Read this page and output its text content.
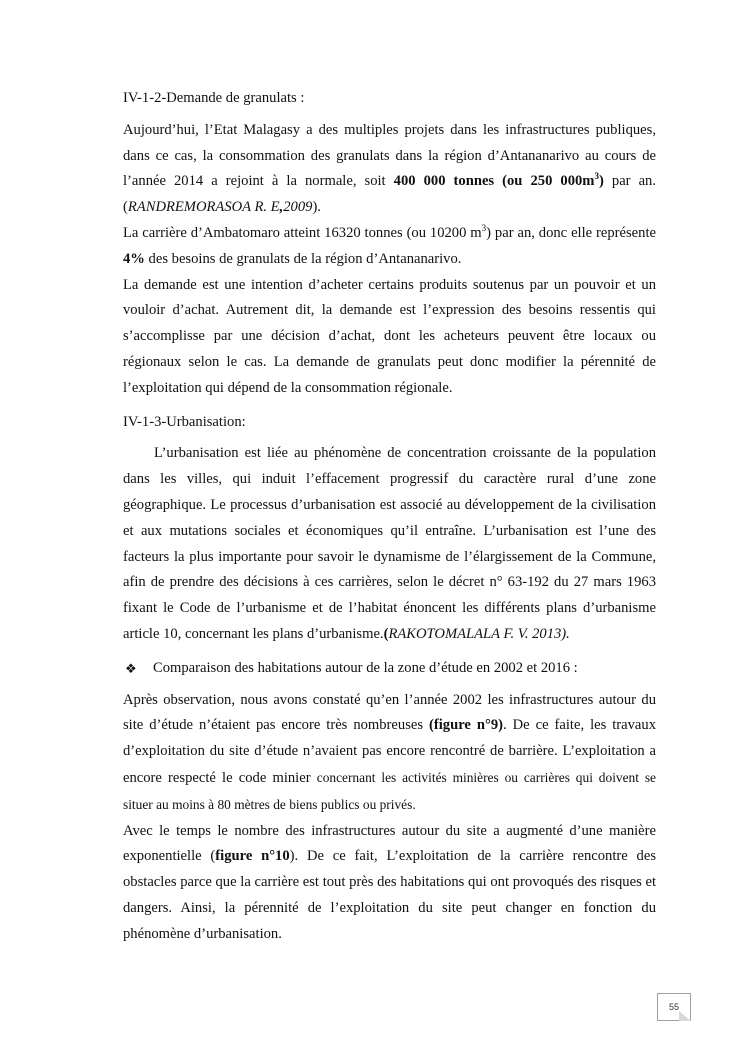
IV-1-2-Demande de granulats :

Aujourd’hui, l’Etat Malagasy a des multiples projets dans les infrastructures publiques, dans ce cas, la consommation des granulats dans la région d’Antananarivo au cours de l’année 2014 a rejoint à la normale, soit 400 000 tonnes (ou 250 $000m^3$) par an. (RANDREMORASOA R. E,2009).

La carrière d’Ambatomaro atteint 16320 tonnes (ou 10200 $m^3$) par an, donc elle représente 4% des besoins de granulats de la région d’Antananarivo.

La demande est une intention d’acheter certains produits soutenus par un pouvoir et un vouloir d’achat. Autrement dit, la demande est l’expression des besoins ressentis qui s’accomplisse par une décision d’achat, dont les acheteurs peuvent être locaux ou régionaux selon le cas. La demande de granulats peut donc modifier la pérennité de l’exploitation qui dépend de la consommation régionale.

IV-1-3-Urbanisation:

L’urbanisation est liée au phénomène de concentration croissante de la population dans les villes, qui induit l’effacement progressif du caractère rural d’une zone géographique. Le processus d’urbanisation est associé au développement de la civilisation et aux mutations sociales et économiques qu’il entraîne. L’urbanisation est l’une des facteurs la plus importante pour savoir le dynamisme de l’élargissement de la Commune, afin de prendre des décisions à ces carrières, selon le décret n° 63-192 du 27 mars 1963 fixant le Code de l’urbanisme et de l’habitat énoncent les différents plans d’urbanisme article 10, concernant les plans d’urbanisme.(RAKOTOMALALA F. V. 2013).

❖	Comparaison des habitations autour de la zone d’étude en 2002 et 2016 :

Après observation, nous avons constaté qu’en l’année 2002 les infrastructures autour du site d’étude n’étaient pas encore très nombreuses (figure n°9). De ce faite, les travaux d’exploitation du site d’étude n’avaient pas encore rencontré de barrière. L’exploitation a encore respecté le code minier concernant les activités minières ou carrières qui doivent se situer au moins à 80 mètres de biens publics ou privés.

Avec le temps le nombre des infrastructures autour du site a augmenté d’une manière exponentielle (figure n°10). De ce fait, L’exploitation de la carrière rencontre des obstacles parce que la carrière est tout près des habitations qui ont provoqués des risques et dangers. Ainsi, la pérennité de l’exploitation du site peut changer en fonction du phénomène d’urbanisation.

55
